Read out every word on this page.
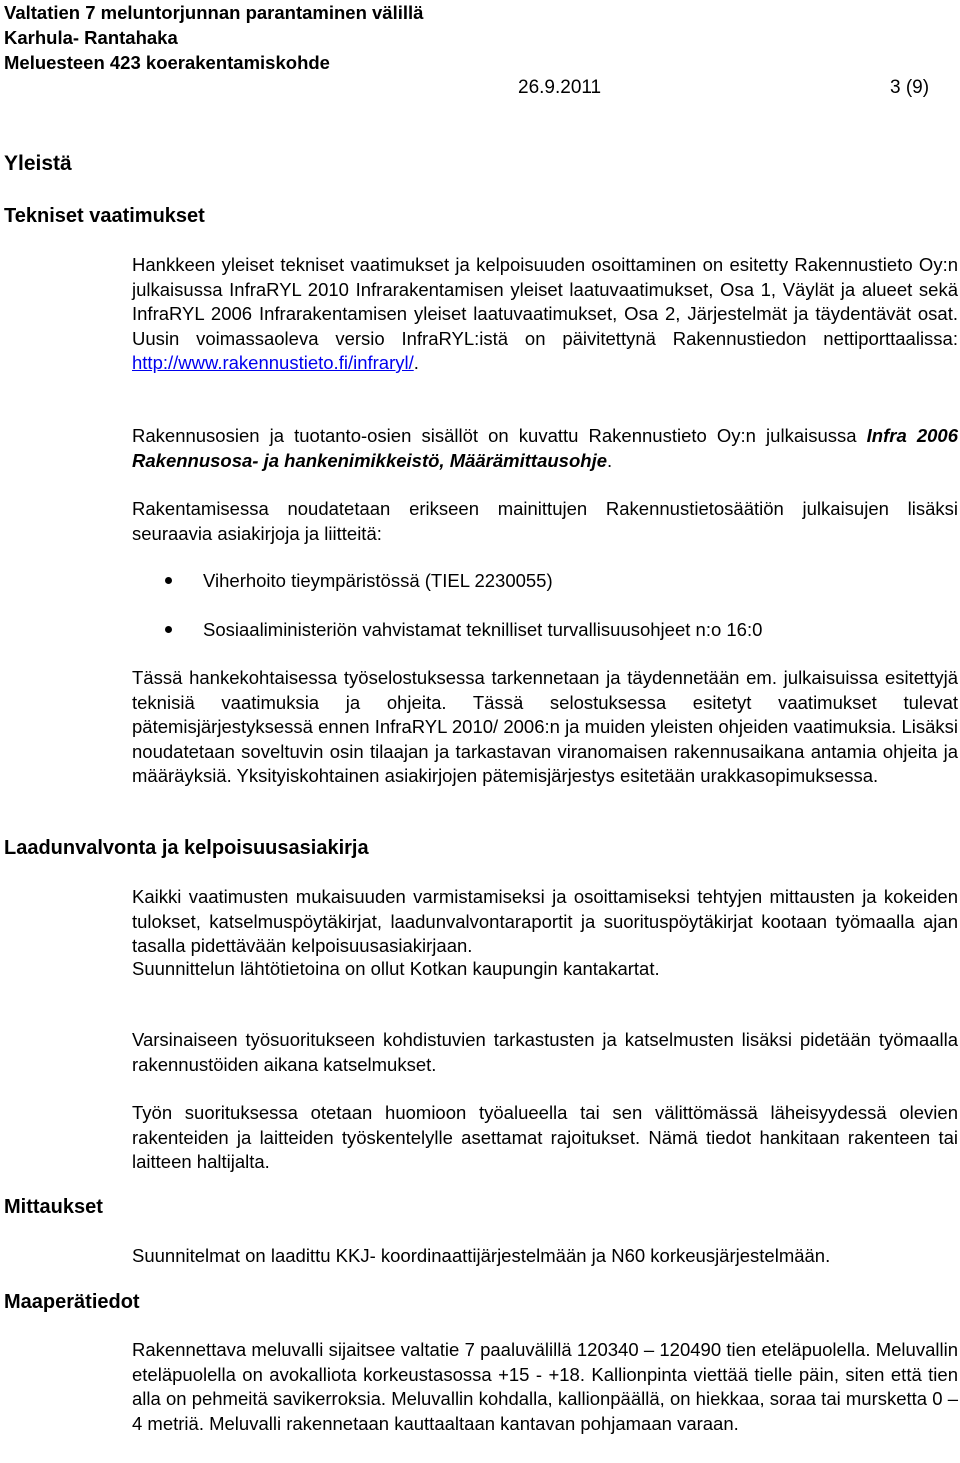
Valtatien 7 meluntorjunnan parantaminen välillä
Karhula- Rantahaka
Meluesteen 423 koerakentamiskohde
26.9.2011	3 (9)
Yleistä
Tekniset vaatimukset
Laadunvalvonta ja kelpoisuusasiakirja
Mittaukset
Maaperätiedot

Hankkeen yleiset tekniset vaatimukset ja kelpoisuuden osoittaminen on esitetty Rakennustieto Oy:n julkaisussa InfraRYL 2010 Infrarakentamisen yleiset laatuvaatimukset, Osa 1, Väylät ja alueet sekä InfraRYL 2006 Infrarakentamisen yleiset laatuvaatimukset, Osa 2, Järjestelmät ja täydentävät osat. Uusin voimassaoleva versio InfraRYL:istä on päivitettynä Rakennustiedon nettiporttaalissa: http://www.rakennustieto.fi/infraryl/.

Rakennusosien ja tuotanto-osien sisällöt on kuvattu Rakennustieto Oy:n julkaisussa Infra 2006 Rakennusosa- ja hankenimikkeistö, Määrämittausohje.

Rakentamisessa noudatetaan erikseen mainittujen Rakennustietosäätiön julkaisujen lisäksi seuraavia asiakirjoja ja liitteitä:
Viherhoito tieympäristössä (TIEL 2230055)
Sosiaaliministeriön vahvistamat teknilliset turvallisuusohjeet n:o 16:0
Tässä hankekohtaisessa työselostuksessa tarkennetaan ja täydennetään em. julkaisuissa esitettyjä teknisiä vaatimuksia ja ohjeita. Tässä selostuksessa esitetyt vaatimukset tulevat pätemisjärjestyksessä ennen InfraRYL 2010/ 2006:n ja muiden yleisten ohjeiden vaatimuksia. Lisäksi noudatetaan soveltuvin osin tilaajan ja tarkastavan viranomaisen rakennusaikana antamia ohjeita ja määräyksiä. Yksityiskohtainen asiakirjojen pätemisjärjestys esitetään urakkasopimuksessa.
Kaikki vaatimusten mukaisuuden varmistamiseksi ja osoittamiseksi tehtyjen mittausten ja kokeiden tulokset, katselmuspöytäkirjat, laadunvalvontaraportit ja suorituspöytäkirjat kootaan työmaalla ajan tasalla pidettävään kelpoisuusasiakirjaan.
Suunnittelun lähtötietoina on ollut Kotkan kaupungin kantakartat.
Varsinaiseen työsuoritukseen kohdistuvien tarkastusten ja katselmusten lisäksi pidetään työmaalla rakennustöiden aikana katselmukset.
Työn suorituksessa otetaan huomioon työalueella tai sen välittömässä läheisyydessä olevien rakenteiden ja laitteiden työskentelylle asettamat rajoitukset. Nämä tiedot hankitaan rakenteen tai laitteen haltijalta.
Suunnitelmat on laadittu KKJ- koordinaattijärjestelmään ja N60 korkeusjärjestelmään.
Rakennettava meluvalli sijaitsee valtatie 7 paaluvälillä 120340 – 120490 tien eteläpuolella. Meluvallin eteläpuolella on avokalliota korkeustasossa +15 - +18. Kallionpinta viettää tielle päin, siten että tien alla on pehmeitä savikerroksia. Meluvallin kohdalla, kallionpäällä, on hiekkaa, soraa tai mursketta 0 – 4 metriä. Meluvalli rakennetaan kauttaaltaan kantavan pohjamaan varaan.
